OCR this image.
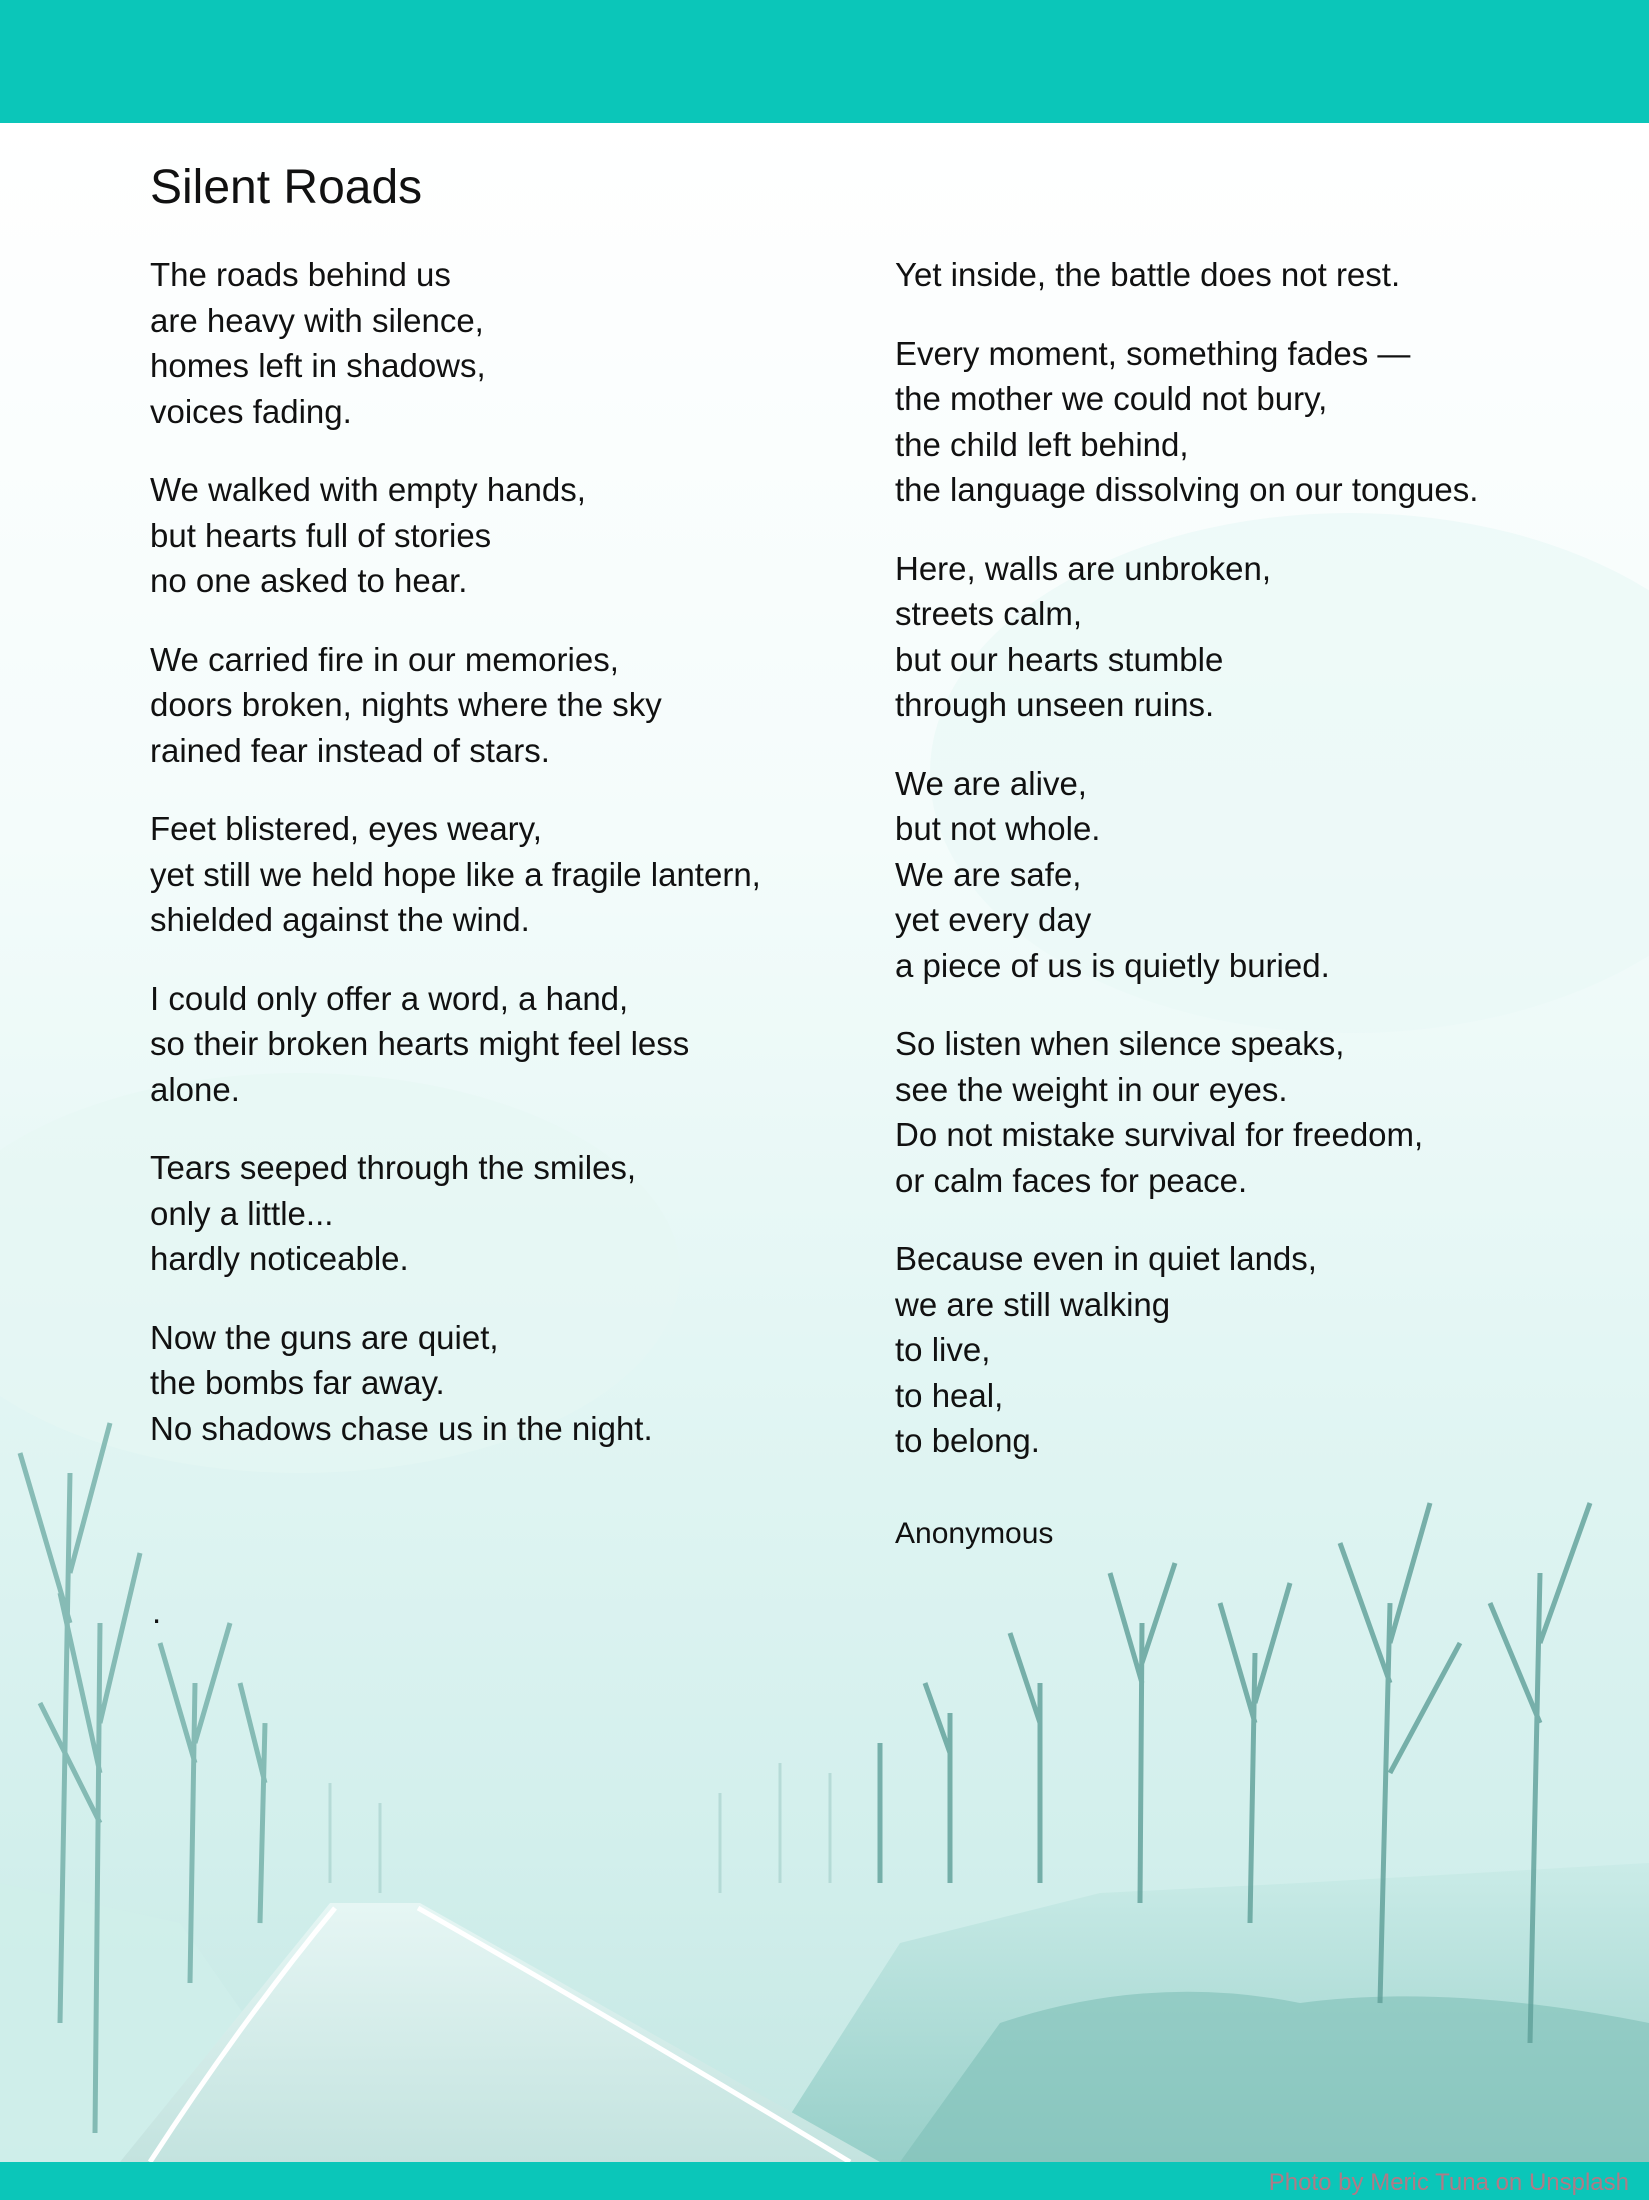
Silent Roads
The roads behind us
are heavy with silence,
homes left in shadows,
voices fading.
We walked with empty hands,
but hearts full of stories
no one asked to hear.
We carried fire in our memories,
doors broken, nights where the sky
rained fear instead of stars.
Feet blistered, eyes weary,
yet still we held hope like a fragile lantern,
shielded against the wind.
I could only offer a word, a hand,
so their broken hearts might feel less
alone.
Tears seeped through the smiles,
only a little...
hardly noticeable.
Now the guns are quiet,
the bombs far away.
No shadows chase us in the night.
.
Yet inside, the battle does not rest.
Every moment, something fades —
the mother we could not bury,
the child left behind,
the language dissolving on our tongues.
Here, walls are unbroken,
streets calm,
but our hearts stumble
through unseen ruins.
We are alive,
but not whole.
We are safe,
yet every day
a piece of us is quietly buried.
So listen when silence speaks,
see the weight in our eyes.
Do not mistake survival for freedom,
or calm faces for peace.
Because even in quiet lands,
we are still walking
to live,
to heal,
to belong.
Anonymous
Photo by Meric Tuna on Unsplash
